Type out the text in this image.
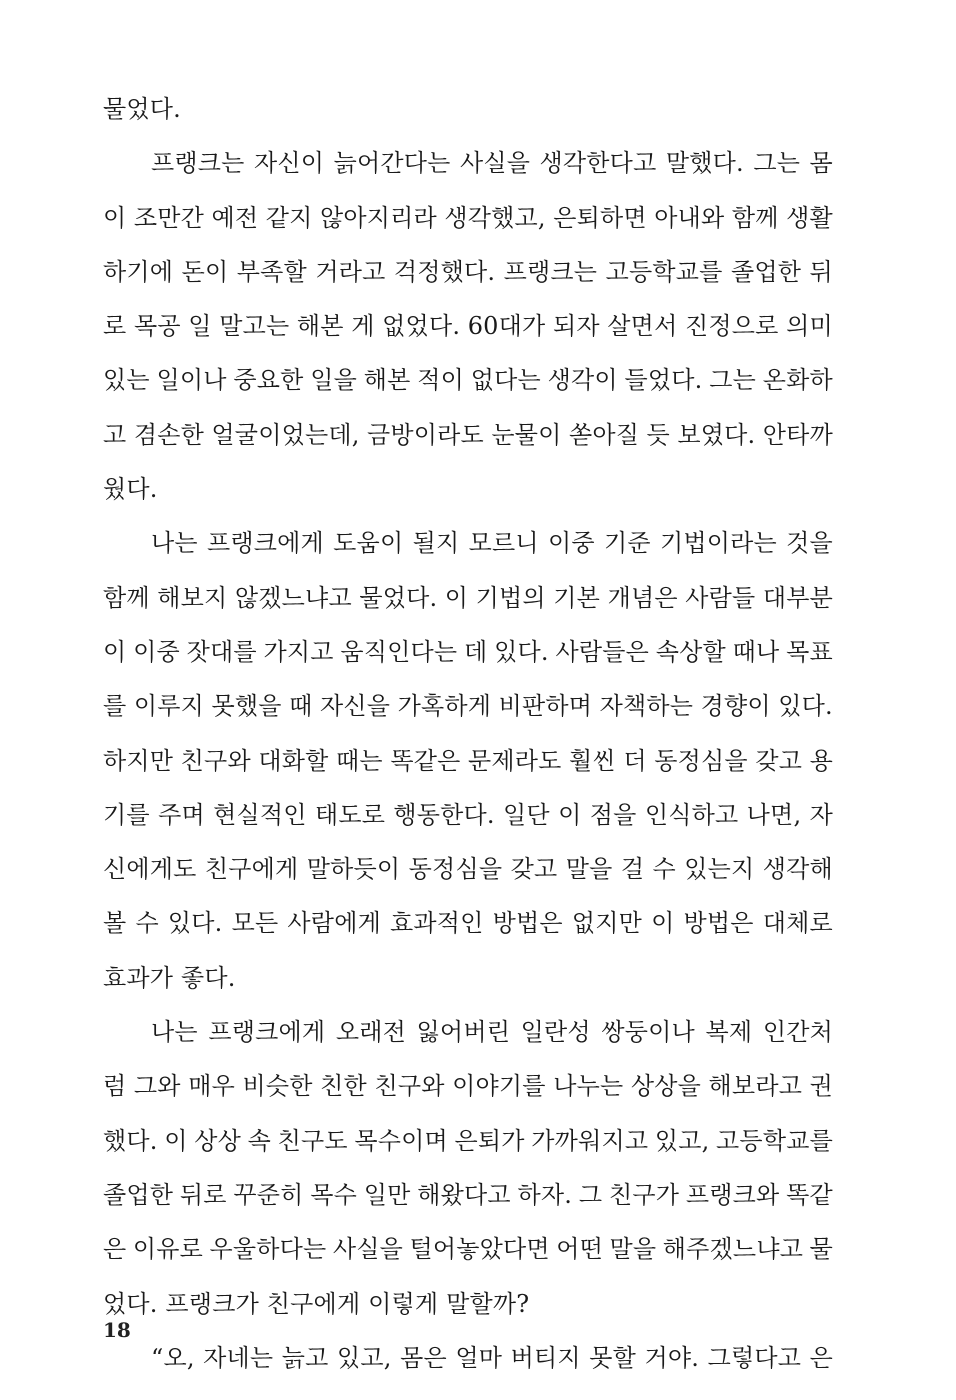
물었다.
프랭크는 자신이 늙어간다는 사실을 생각한다고 말했다. 그는 몸
이 조만간 예전 같지 않아지리라 생각했고, 은퇴하면 아내와 함께 생활
하기에 돈이 부족할 거라고 걱정했다. 프랭크는 고등학교를 졸업한 뒤
로 목공 일 말고는 해본 게 없었다. 60대가 되자 살면서 진정으로 의미
있는 일이나 중요한 일을 해본 적이 없다는 생각이 들었다. 그는 온화하
고 겸손한 얼굴이었는데, 금방이라도 눈물이 쏟아질 듯 보였다. 안타까
웠다.
나는 프랭크에게 도움이 될지 모르니 이중 기준 기법이라는 것을
함께 해보지 않겠느냐고 물었다. 이 기법의 기본 개념은 사람들 대부분
이 이중 잣대를 가지고 움직인다는 데 있다. 사람들은 속상할 때나 목표
를 이루지 못했을 때 자신을 가혹하게 비판하며 자책하는 경향이 있다.
하지만 친구와 대화할 때는 똑같은 문제라도 훨씬 더 동정심을 갖고 용
기를 주며 현실적인 태도로 행동한다. 일단 이 점을 인식하고 나면, 자
신에게도 친구에게 말하듯이 동정심을 갖고 말을 걸 수 있는지 생각해
볼 수 있다. 모든 사람에게 효과적인 방법은 없지만 이 방법은 대체로
효과가 좋다.
나는 프랭크에게 오래전 잃어버린 일란성 쌍둥이나 복제 인간처
럼 그와 매우 비슷한 친한 친구와 이야기를 나누는 상상을 해보라고 권
했다. 이 상상 속 친구도 목수이며 은퇴가 가까워지고 있고, 고등학교를
졸업한 뒤로 꾸준히 목수 일만 해왔다고 하자. 그 친구가 프랭크와 똑같
은 이유로 우울하다는 사실을 털어놓았다면 어떤 말을 해주겠느냐고 물
었다. 프랭크가 친구에게 이렇게 말할까?
“오, 자네는 늙고 있고, 몸은 얼마 버티지 못할 거야. 그렇다고 은
18
